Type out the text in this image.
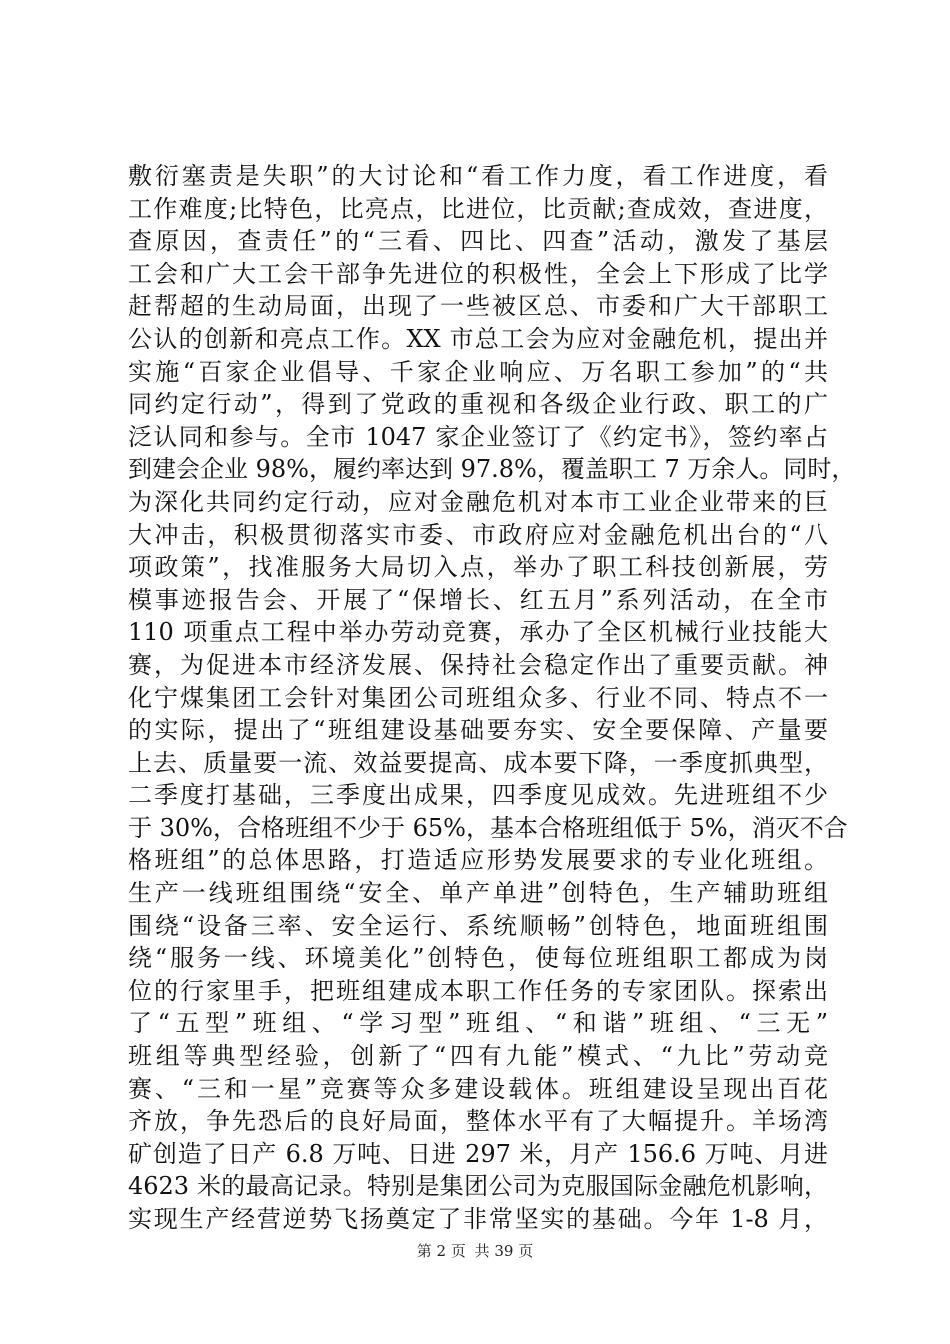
敷衍塞责是失职”的大讨论和“看工作力度，看工作进度，看
工作难度;比特色，比亮点，比进位，比贡献;查成效，查进度，
查原因，查责任”的“三看、四比、四查”活动，激发了基层
工会和广大工会干部争先进位的积极性，全会上下形成了比学
赶帮超的生动局面，出现了一些被区总、市委和广大干部职工
公认的创新和亮点工作。XX 市总工会为应对金融危机，提出并
实施“百家企业倡导、千家企业响应、万名职工参加”的“共
同约定行动”，得到了党政的重视和各级企业行政、职工的广
泛认同和参与。全市 1047 家企业签订了《约定书》，签约率占
到建会企业 98%，履约率达到 97.8%，覆盖职工 7 万余人。同时，
为深化共同约定行动，应对金融危机对本市工业企业带来的巨
大冲击，积极贯彻落实市委、市政府应对金融危机出台的“八
项政策”，找准服务大局切入点，举办了职工科技创新展，劳
模事迹报告会、开展了“保增长、红五月”系列活动，在全市
110 项重点工程中举办劳动竞赛，承办了全区机械行业技能大
赛，为促进本市经济发展、保持社会稳定作出了重要贡献。神
化宁煤集团工会针对集团公司班组众多、行业不同、特点不一
的实际，提出了“班组建设基础要夯实、安全要保障、产量要
上去、质量要一流、效益要提高、成本要下降，一季度抓典型，
二季度打基础，三季度出成果，四季度见成效。先进班组不少
于 30%，合格班组不少于 65%，基本合格班组低于 5%，消灭不合
格班组”的总体思路，打造适应形势发展要求的专业化班组。
生产一线班组围绕“安全、单产单进”创特色，生产辅助班组
围绕“设备三率、安全运行、系统顺畅”创特色，地面班组围
绕“服务一线、环境美化”创特色，使每位班组职工都成为岗
位的行家里手，把班组建成本职工作任务的专家团队。探索出
了“五型”班组、“学习型”班组、“和谐”班组、“三无”
班组等典型经验，创新了“四有九能”模式、“九比”劳动竞
赛、“三和一星”竞赛等众多建设载体。班组建设呈现出百花
齐放，争先恐后的良好局面，整体水平有了大幅提升。羊场湾
矿创造了日产 6.8 万吨、日进 297 米，月产 156.6 万吨、月进
4623 米的最高记录。特别是集团公司为克服国际金融危机影响，
实现生产经营逆势飞扬奠定了非常坚实的基础。今年 1-8 月，
第 2 页 共 39 页
